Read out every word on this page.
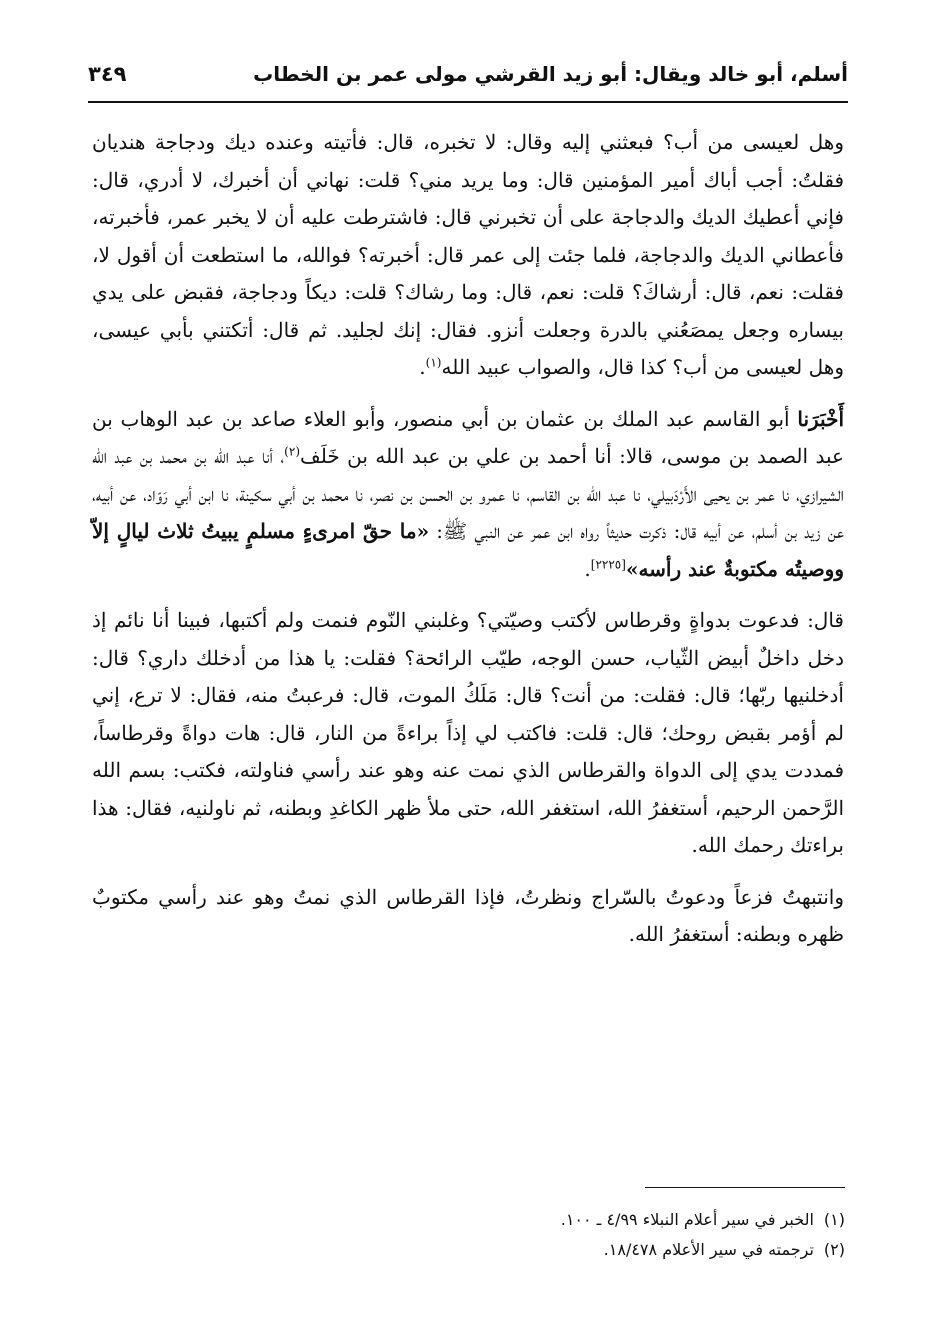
أسلم، أبو خالد ويقال: أبو زيد القرشي مولى عمر بن الخطاب
٣٤٩

وهل لعيسى من أب؟ فبعثني إليه وقال: لا تخبره، قال: فأتيته وعنده ديك ودجاجة هنديان فقلتُ: أجب أباك أمير المؤمنين قال: وما يريد مني؟ قلت: نهاني أن أخبرك، لا أدري، قال: فإني أعطيك الديك والدجاجة على أن تخبرني قال: فاشترطت عليه أن لا يخبر عمر، فأخبرته، فأعطاني الديك والدجاجة، فلما جئت إلى عمر قال: أخبرته؟ فوالله، ما استطعت أن أقول لا، فقلت: نعم، قال: أرشاكَ؟ قلت: نعم، قال: وما رشاك؟ قلت: ديكاً ودجاجة، فقبض على يدي بيساره وجعل يمصَعُني بالدرة وجعلت أنزو. فقال: إنك لجليد. ثم قال: أتكتني بأبي عيسى، وهل لعيسى من أب؟ كذا قال، والصواب عبيد الله$^{(١)}$.

أَخْبَرَنا أبو القاسم عبد الملك بن عثمان بن أبي منصور، وأبو العلاء صاعد بن عبد الوهاب بن عبد الصمد بن موسى، قالا: أنا أحمد بن علي بن عبد الله بن خَلَف$^{(٢)}$، أنا عبد الله بن محمد بن عبد الله الشيرازي، نا عمر بن يحيى الأَرْدَبيلي، نا عبد الله بن القاسم، نا عمرو بن الحسن بن نصر، نا محمد بن أبي سكينة، نا ابن أبي رَوّاد، عن أبيه، عن زيد بن أسلم، عن أبيه قال: ذكرت حديثاً رواه ابن عمر عن النبي ﷺ: «ما حقّ امرىءٍ مسلمٍ يبيتُ ثلاث ليالٍ إلاّ ووصيتُه مكتوبةٌ عند رأسه»[٢٢٢٥].

قال: فدعوت بدواةٍ وقرطاس لأكتب وصيّتي؟ وغلبني النّوم فنمت ولم أكتبها، فبينا أنا نائم إذ دخل داخلٌ أبيض الثّياب، حسن الوجه، طيّب الرائحة؟ فقلت: يا هذا من أدخلك داري؟ قال: أدخلنيها ربّها؛ قال: فقلت: من أنت؟ قال: مَلَكُ الموت، قال: فرعبتُ منه، فقال: لا ترع، إني لم أؤمر بقبض روحك؛ قال: قلت: فاكتب لي إذاً براءةً من النار، قال: هات دواةً وقرطاساً، فمددت يدي إلى الدواة والقرطاس الذي نمت عنه وهو عند رأسي فناولته، فكتب: بسم الله الرَّحمن الرحيم، أستغفرُ الله، استغفر الله، حتى ملأ ظهر الكاغدِ وبطنه، ثم ناولنيه، فقال: هذا براءتك رحمك الله.

وانتبهتُ فزعاً ودعوتُ بالسّراج ونظرتُ، فإذا القرطاس الذي نمتُ وهو عند رأسي مكتوبٌ ظهره وبطنه: أستغفرُ الله.

(١)الخبر في سير أعلام النبلاء ٤/٩٩ ـ ١٠٠.

(٢)ترجمته في سير الأعلام ١٨/٤٧٨.
